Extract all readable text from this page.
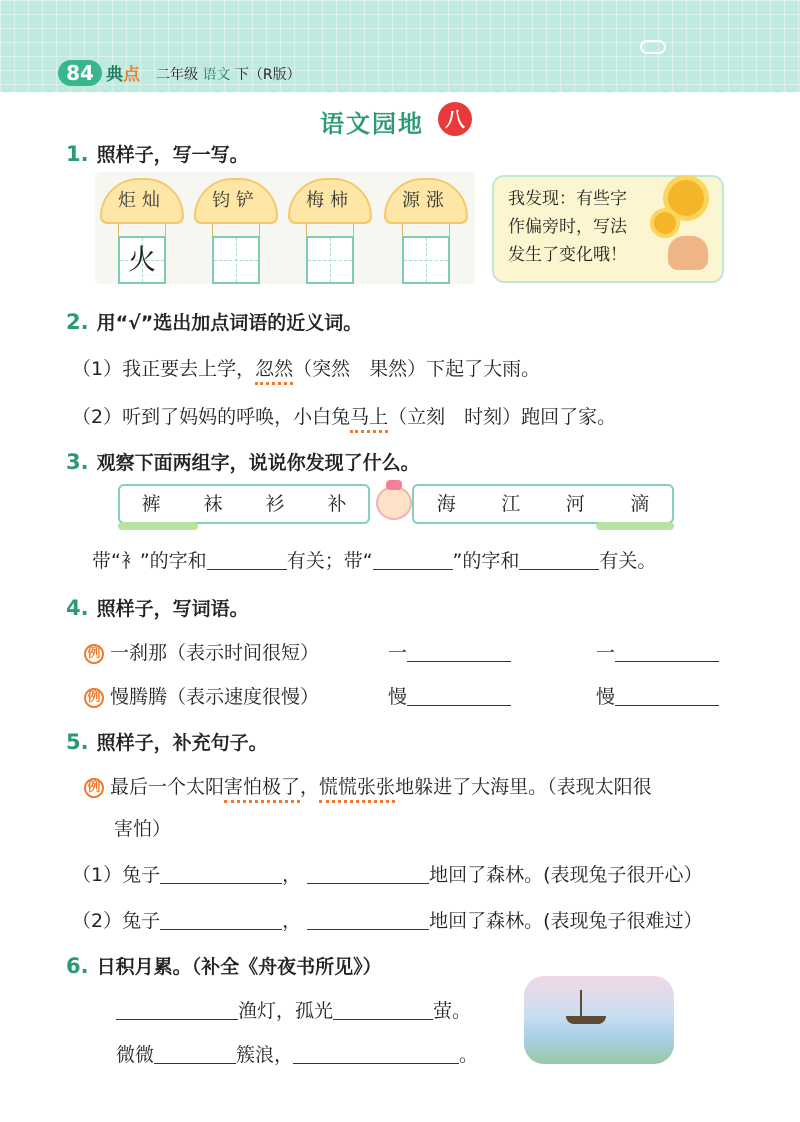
84 典点 二年级 语文 下（R版）
语文园地	八
1. 照样子，写一写。
炬灿
火
钧铲	梅柿	源涨	我发现：有些字
作偏旁时，写法
发生了变化哦！
2. 用“√”选出加点词语的近义词。
（1）我正要去上学，忽然（突然　果然）下起了大雨。
（2）听到了妈妈的呼唤，小白兔马上（立刻　时刻）跑回了家。
3. 观察下面两组字，说说你发现了什么。
裤 袜 衫 补	海 江 河 滴
带“衤”的字和	有关；带“	”的字和	有关。
4. 照样子，写词语。
例 一刹那（表示时间很短）	一	一
例 慢腾腾（表示速度很慢）	慢	慢
5. 照样子，补充句子。
例 最后一个太阳害怕极了，慌慌张张地躲进了大海里。（表现太阳很
害怕）
（1）兔子	，	地回了森林。(表现兔子很开心）
（2）兔子	，	地回了森林。(表现兔子很难过）
6. 日积月累。（补全《舟夜书所见》）
渔灯，孤光	萤。
微微	簇浪，	。
